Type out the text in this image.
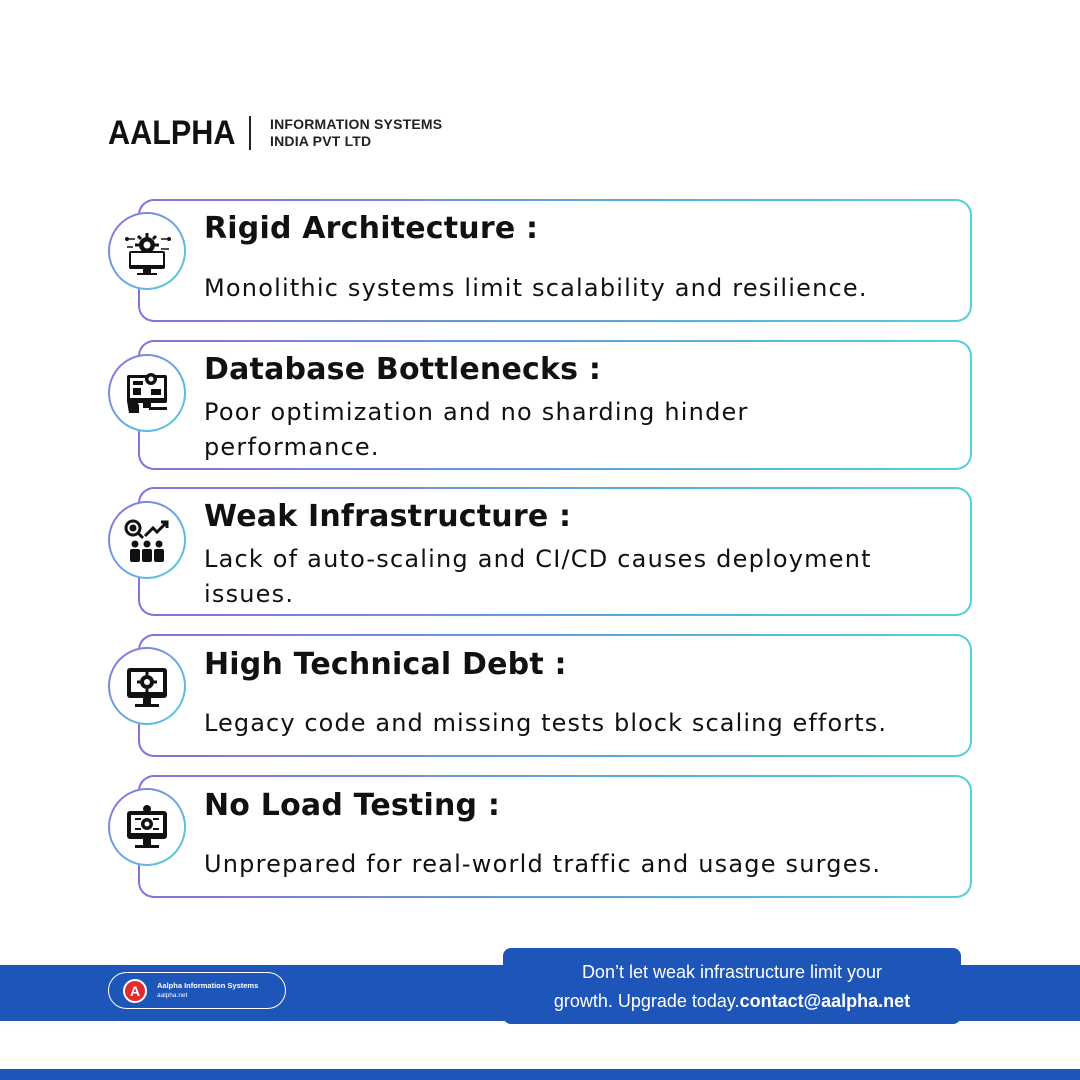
AALPHA INFORMATION SYSTEMS
INDIA PVT LTD
Rigid Architecture :
Monolithic systems limit scalability and resilience.
Database Bottlenecks :
Poor optimization and no sharding hinder performance.
Weak Infrastructure :
Lack of auto-scaling and CI/CD causes deployment issues.
High Technical Debt :
Legacy code and missing tests block scaling efforts.
No Load Testing :
Unprepared for real-world traffic and usage surges.
A	Aalpha Information Systems
aalpha.net
Don’t let weak infrastructure limit your
growth. Upgrade today.contact@aalpha.net
